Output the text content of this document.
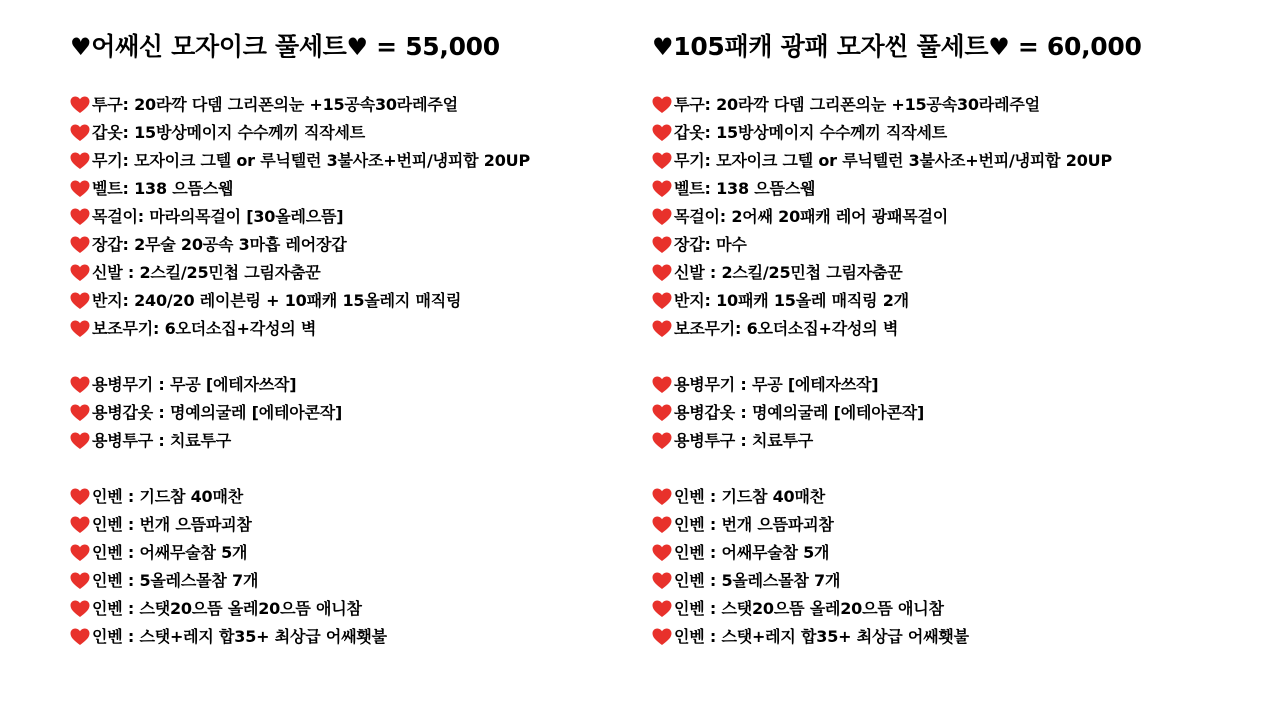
♥어쌔신 모자이크 풀세트♥ = 55,000
투구: 20라깍 다뎀 그리폰의눈 +15공속30라레주얼
갑옷: 15방상메이지 수수께끼 직작세트
무기: 모자이크 그텔 or 루닉텔런 3불사조+번피/냉피합 20UP
벨트: 138 으뜸스웹
목걸이: 마라의목걸이 [30올레으뜸]
장갑: 2무술 20공속 3마흡 레어장갑
신발 : 2스킬/25민첩 그림자춤꾼
반지: 240/20 레이븐링 + 10패캐 15올레지 매직링
보조무기: 6오더소집+각성의 벽
용병무기 : 무공 [에테자쓰작]
용병갑옷 : 명예의굴레 [에테아콘작]
용병투구 : 치료투구
인벤 : 기드참 40매찬
인벤 : 번개 으뜸파괴참
인벤 : 어쌔무술참 5개
인벤 : 5올레스몰참 7개
인벤 : 스탯20으뜸 올레20으뜸 애니참
인벤 : 스탯+레지 합35+ 최상급 어쌔횃불
♥105패캐 광패 모자씬 풀세트♥ = 60,000
투구: 20라깍 다뎀 그리폰의눈 +15공속30라레주얼
갑옷: 15방상메이지 수수께끼 직작세트
무기: 모자이크 그텔 or 루닉텔런 3불사조+번피/냉피합 20UP
벨트: 138 으뜸스웹
목걸이: 2어쌔 20패캐 레어 광패목걸이
장갑: 마수
신발 : 2스킬/25민첩 그림자춤꾼
반지: 10패캐 15올레 매직링 2개
보조무기: 6오더소집+각성의 벽
용병무기 : 무공 [에테자쓰작]
용병갑옷 : 명예의굴레 [에테아콘작]
용병투구 : 치료투구
인벤 : 기드참 40매찬
인벤 : 번개 으뜸파괴참
인벤 : 어쌔무술참 5개
인벤 : 5올레스몰참 7개
인벤 : 스탯20으뜸 올레20으뜸 애니참
인벤 : 스탯+레지 합35+ 최상급 어쌔횃불
